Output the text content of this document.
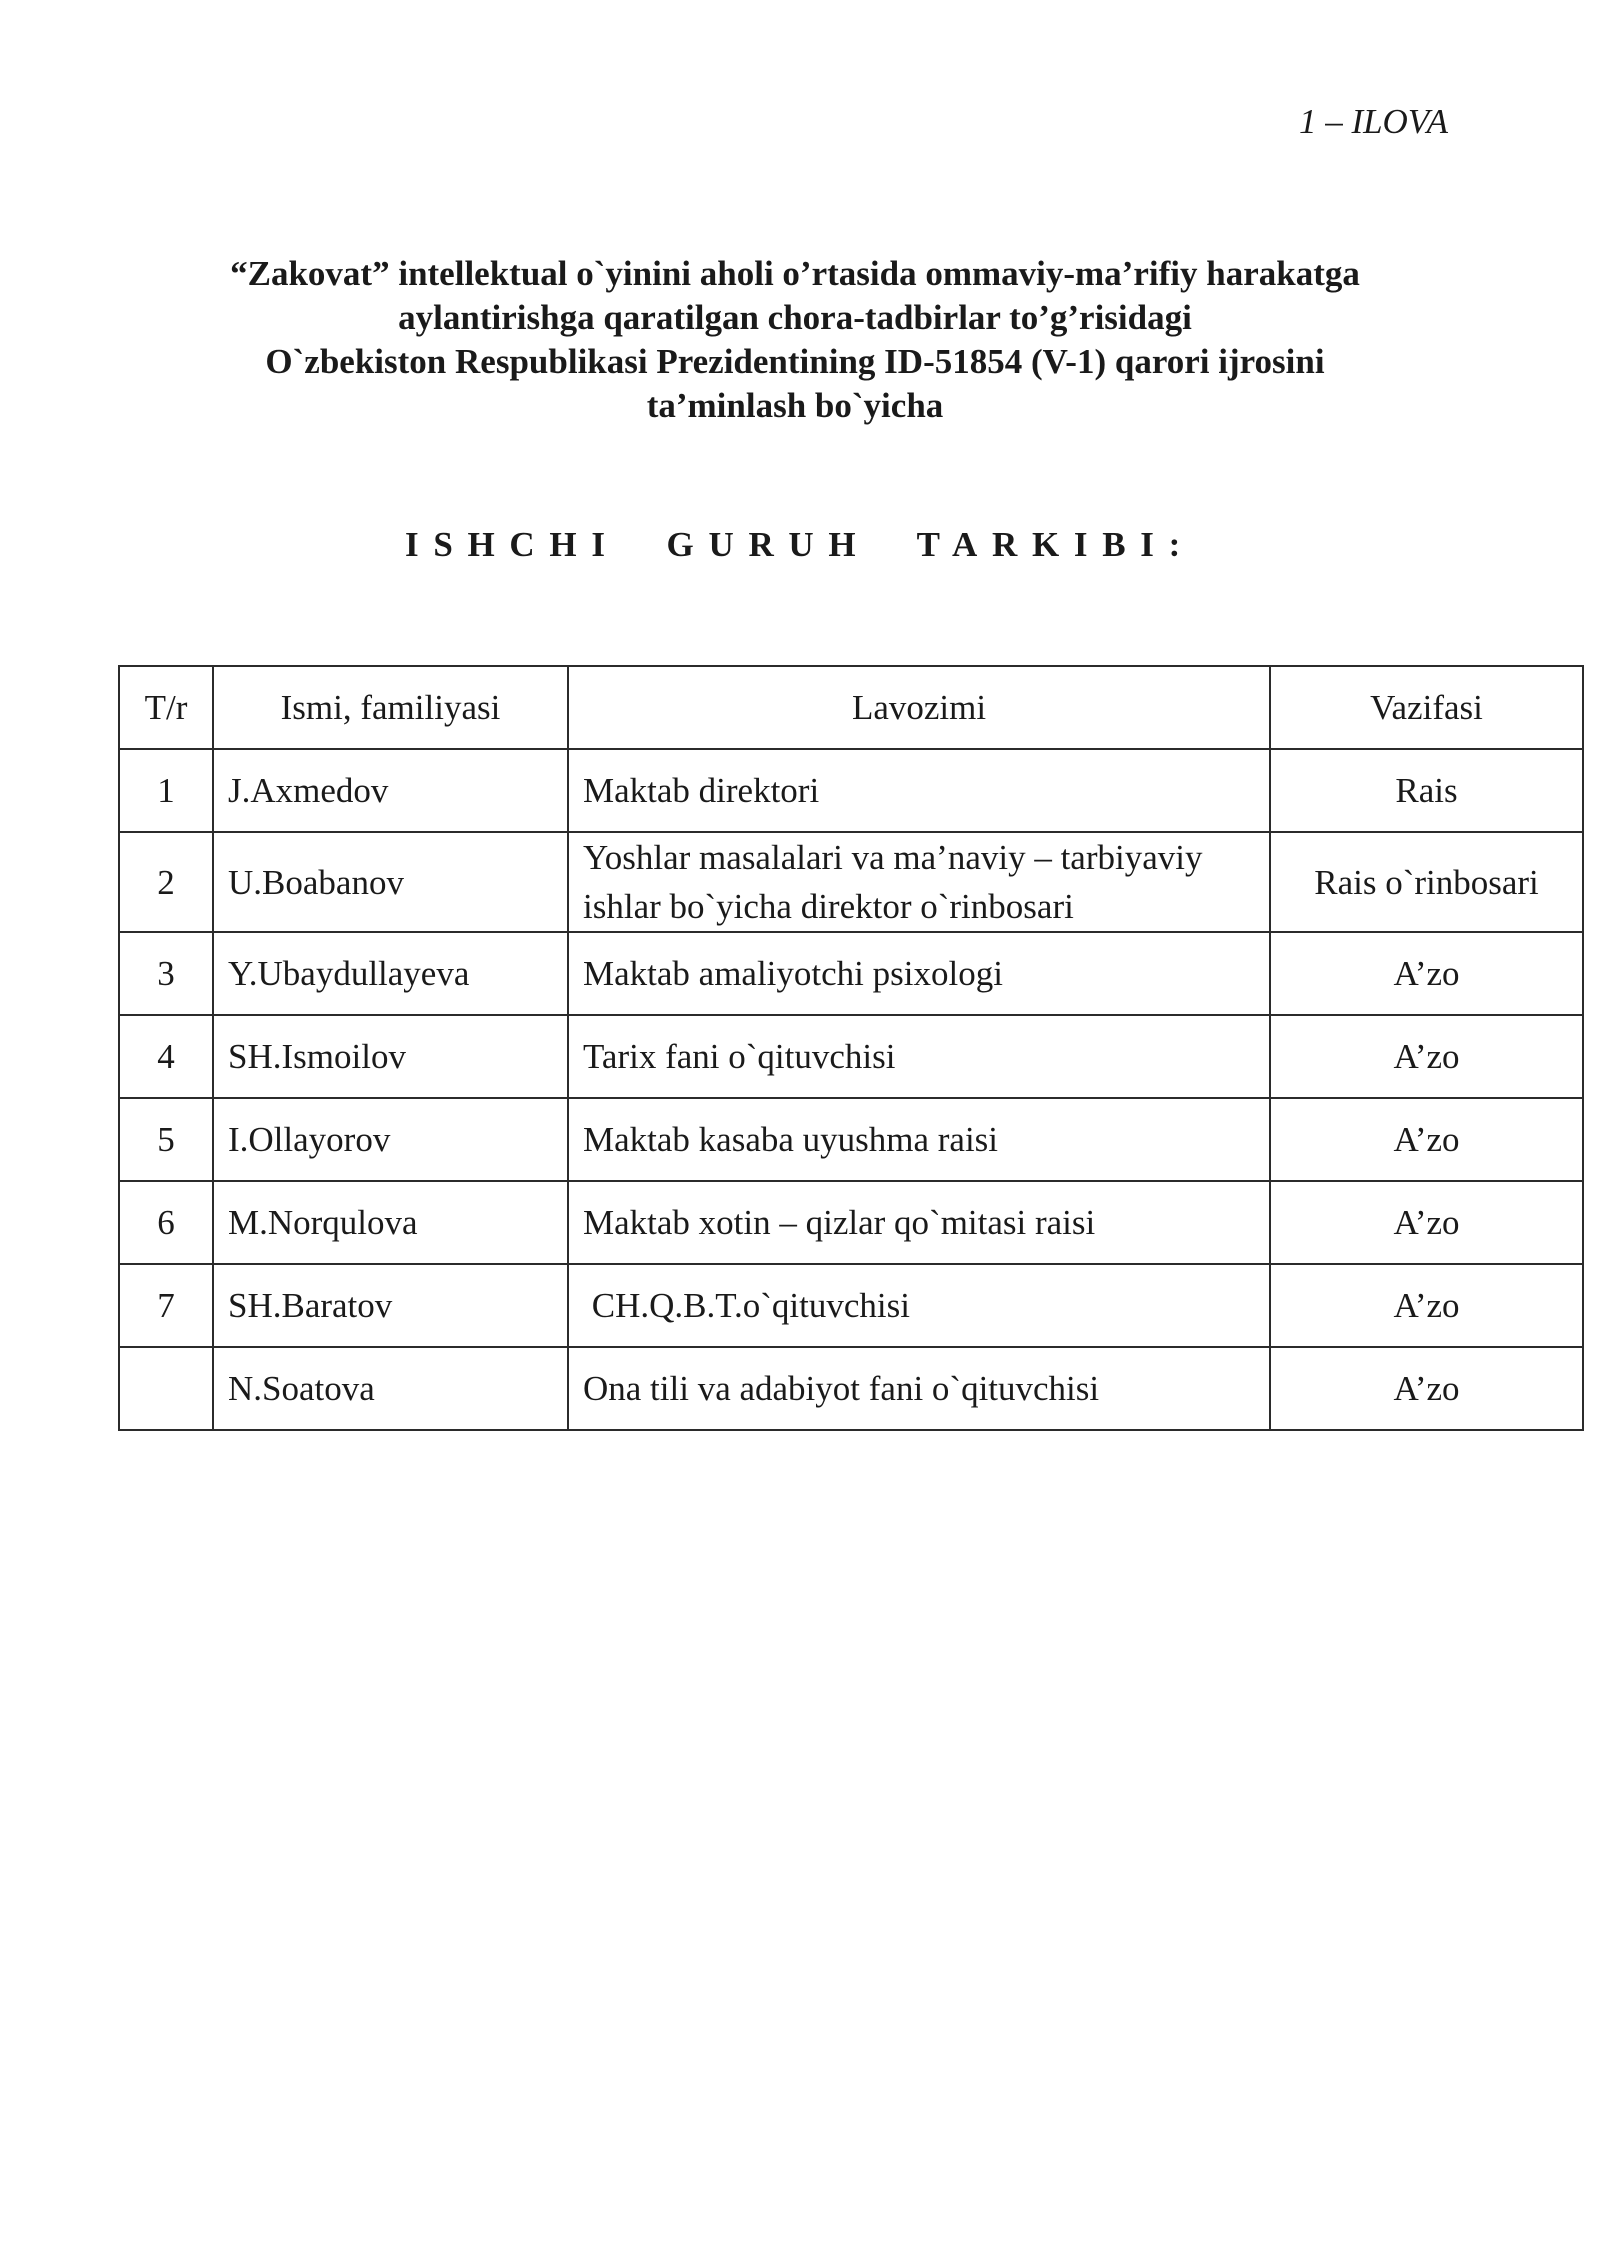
1 – ILOVA
“Zakovat” intellektual o`yinini aholi o’rtasida ommaviy-ma’rifiy harakatga
aylantirishga qaratilgan chora-tadbirlar to’g’risidagi
O`zbekiston Respublikasi Prezidentining ID-51854 (V-1) qarori ijrosini
ta’minlash bo`yicha
ISHCHI  GURUH  TARKIBI:
T/r	Ismi, familiyasi	Lavozimi	Vazifasi
1	J.Axmedov	Maktab direktori	Rais
2	U.Boabanov	Yoshlar masalalari va ma’naviy – tarbiyaviy ishlar bo`yicha direktor o`rinbosari	Rais o`rinbosari
3	Y.Ubaydullayeva	Maktab amaliyotchi psixologi	A’zo
4	SH.Ismoilov	Tarix fani o`qituvchisi	A’zo
5	I.Ollayorov	Maktab kasaba uyushma raisi	A’zo
6	M.Norqulova	Maktab xotin – qizlar qo`mitasi raisi	A’zo
7	SH.Baratov	CH.Q.B.T.o`qituvchisi	A’zo
	N.Soatova	Ona tili va adabiyot fani o`qituvchisi	A’zo
